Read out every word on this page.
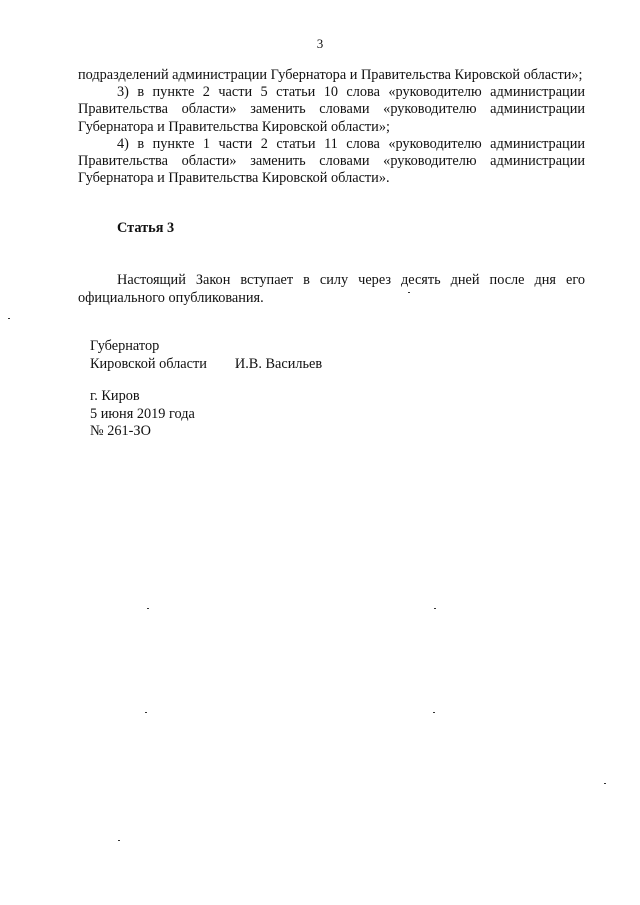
3

подразделений администрации Губернатора и Правительства Кировской области»;

3) в пункте 2 части 5 статьи 10 слова «руководителю администрации Правительства области» заменить словами «руководителю администрации Губернатора и Правительства Кировской области»;

4) в пункте 1 части 2 статьи 11 слова «руководителю администрации Правительства области» заменить словами «руководителю администрации Губернатора и Правительства Кировской области».

Статья 3

Настоящий Закон вступает в силу через десять дней после дня его официального опубликования.

Губернатор
Кировской области И.В. Васильев
г. Киров
5 июня 2019 года
№ 261-ЗО
